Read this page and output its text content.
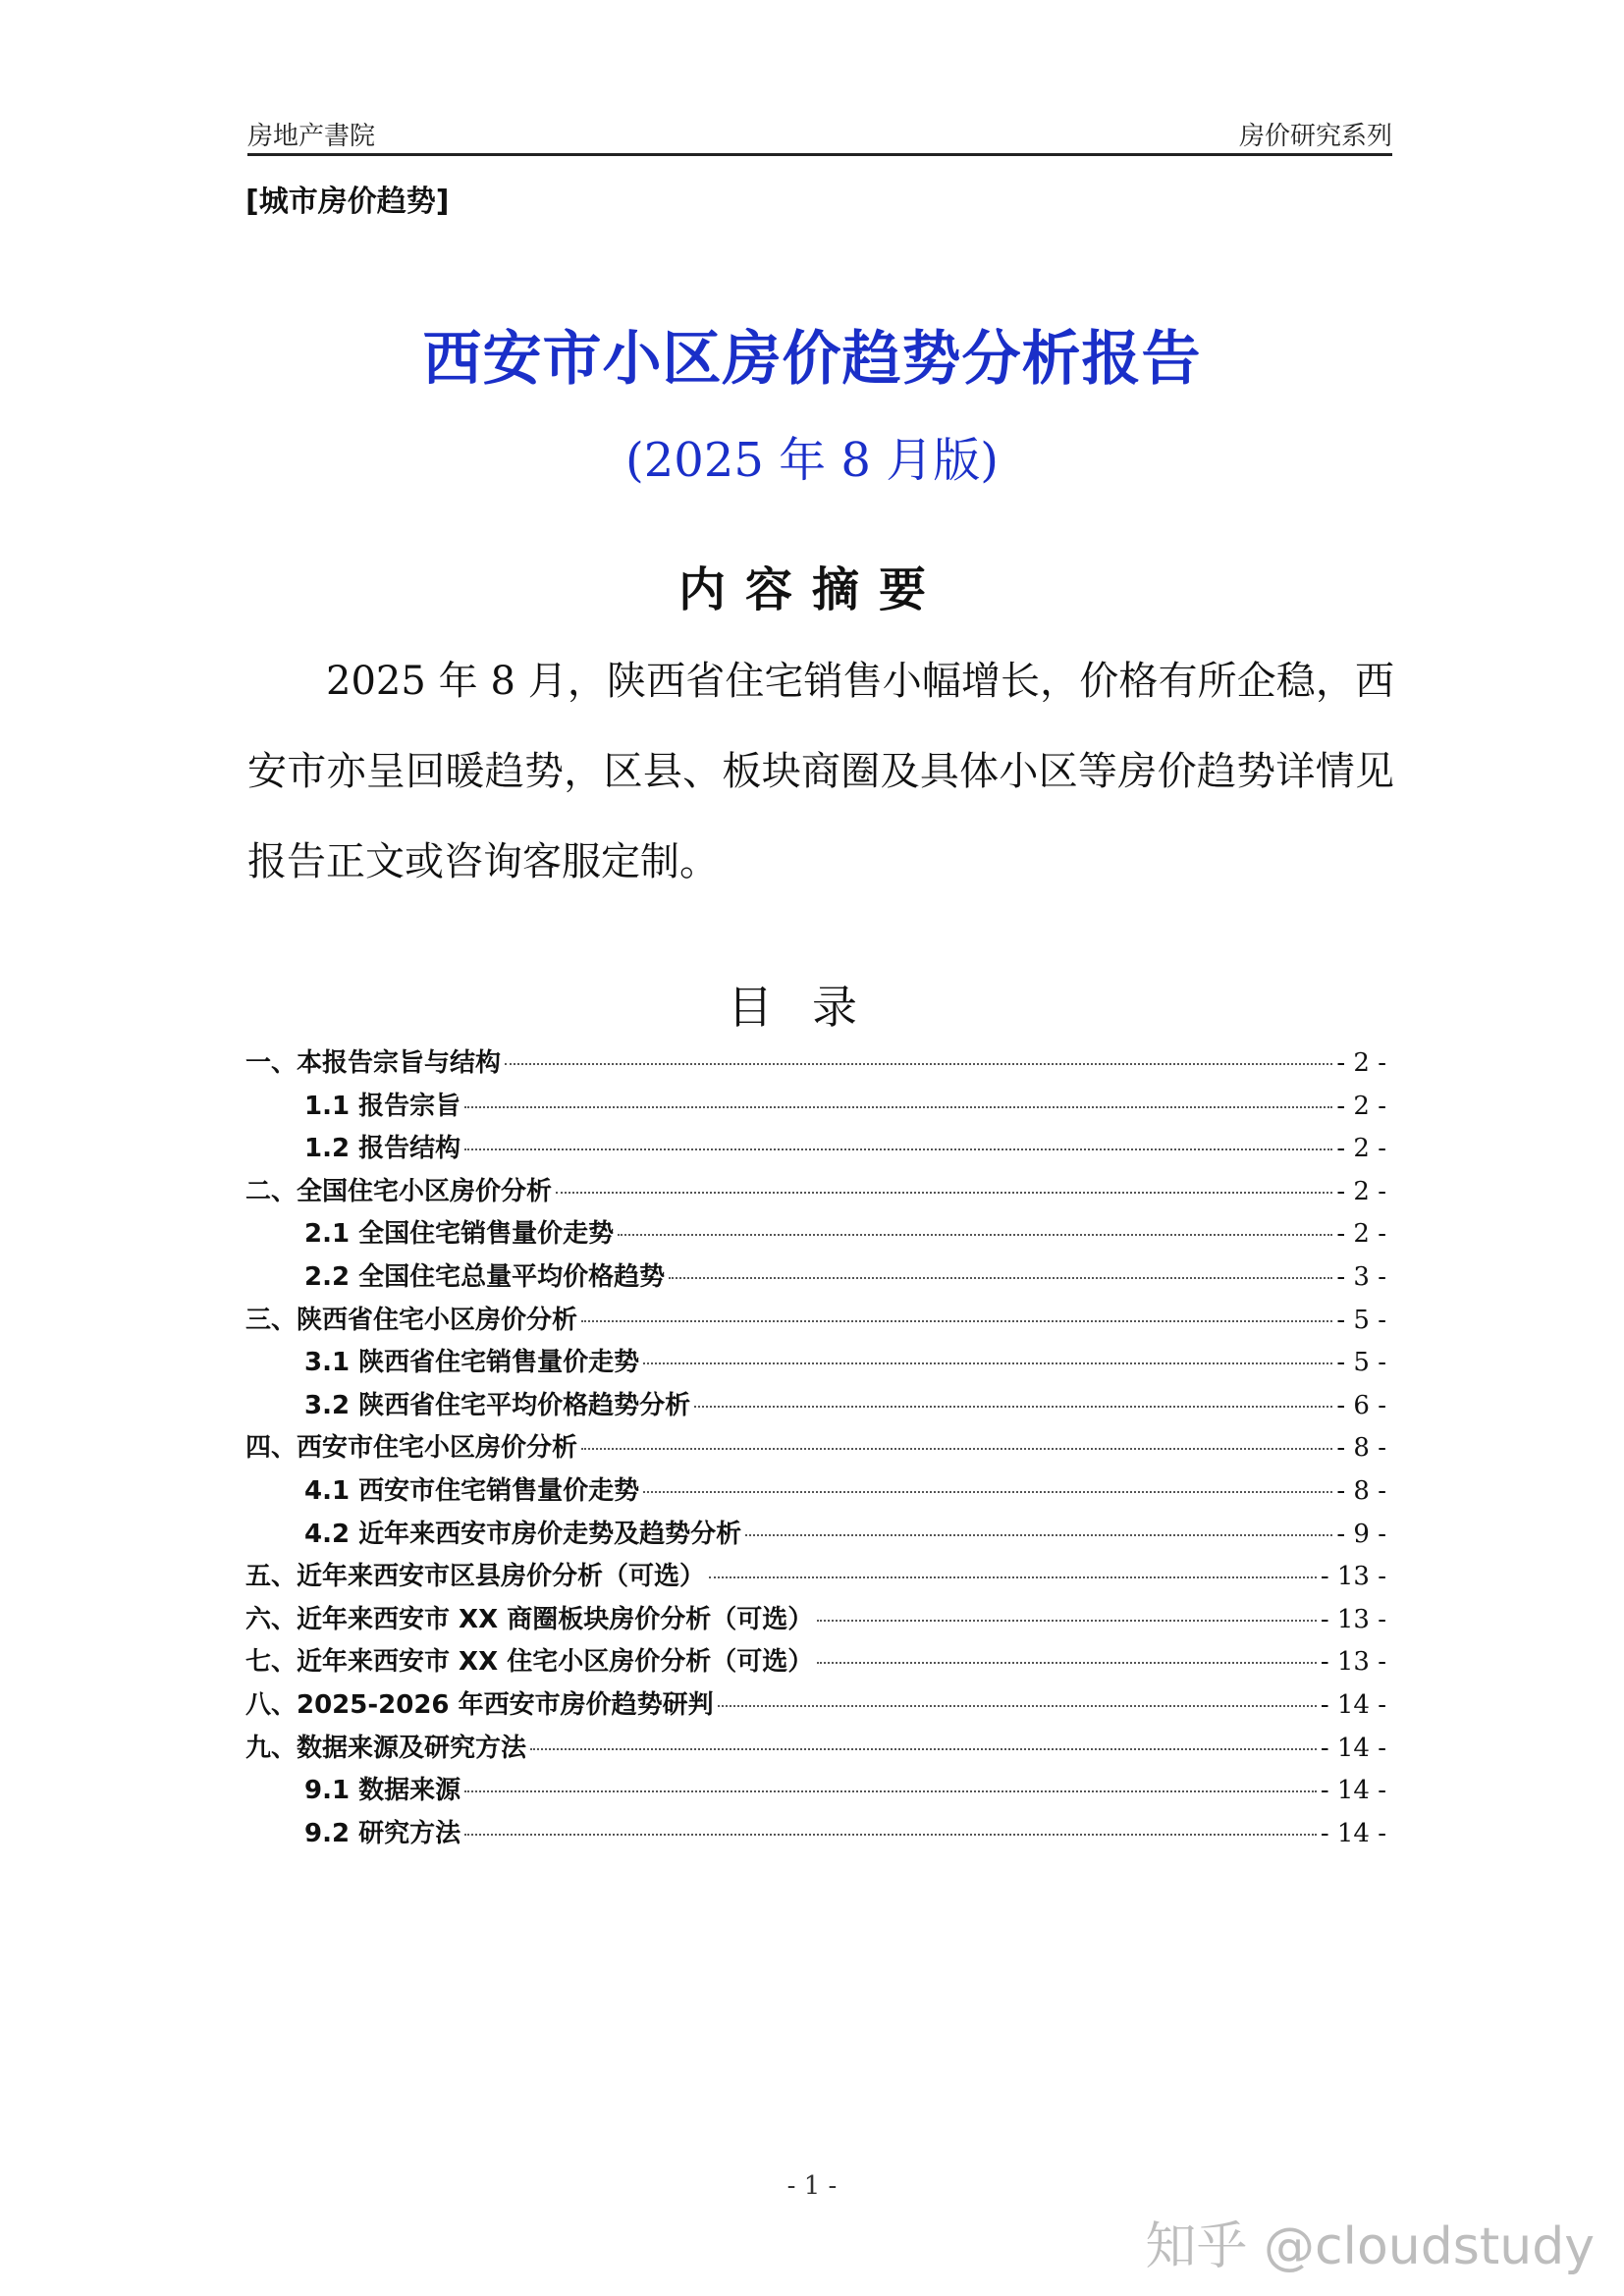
房地产書院	房价研究系列
[城市房价趋势]
西安市小区房价趋势分析报告
(2025 年 8 月版)
内容摘要

2025 年 8 月，陕西省住宅销售小幅增长，价格有所企稳，西安市亦呈回暖趋势，区县、板块商圈及具体小区等房价趋势详情见报告正文或咨询客服定制。

目录
一、本报告宗旨与结构	- 2 -
1.1 报告宗旨	- 2 -
1.2 报告结构	- 2 -
二、全国住宅小区房价分析	- 2 -
2.1 全国住宅销售量价走势	- 2 -
2.2 全国住宅总量平均价格趋势	- 3 -
三、陕西省住宅小区房价分析	- 5 -
3.1 陕西省住宅销售量价走势	- 5 -
3.2 陕西省住宅平均价格趋势分析	- 6 -
四、西安市住宅小区房价分析	- 8 -
4.1 西安市住宅销售量价走势	- 8 -
4.2 近年来西安市房价走势及趋势分析	- 9 -
五、近年来西安市区县房价分析（可选）	- 13 -
六、近年来西安市 XX 商圈板块房价分析（可选）	- 13 -
七、近年来西安市 XX 住宅小区房价分析（可选）	- 13 -
八、2025-2026 年西安市房价趋势研判	- 14 -
九、数据来源及研究方法	- 14 -
9.1 数据来源	- 14 -
9.2 研究方法	- 14 -
- 1 -
知乎 @cloudstudy
